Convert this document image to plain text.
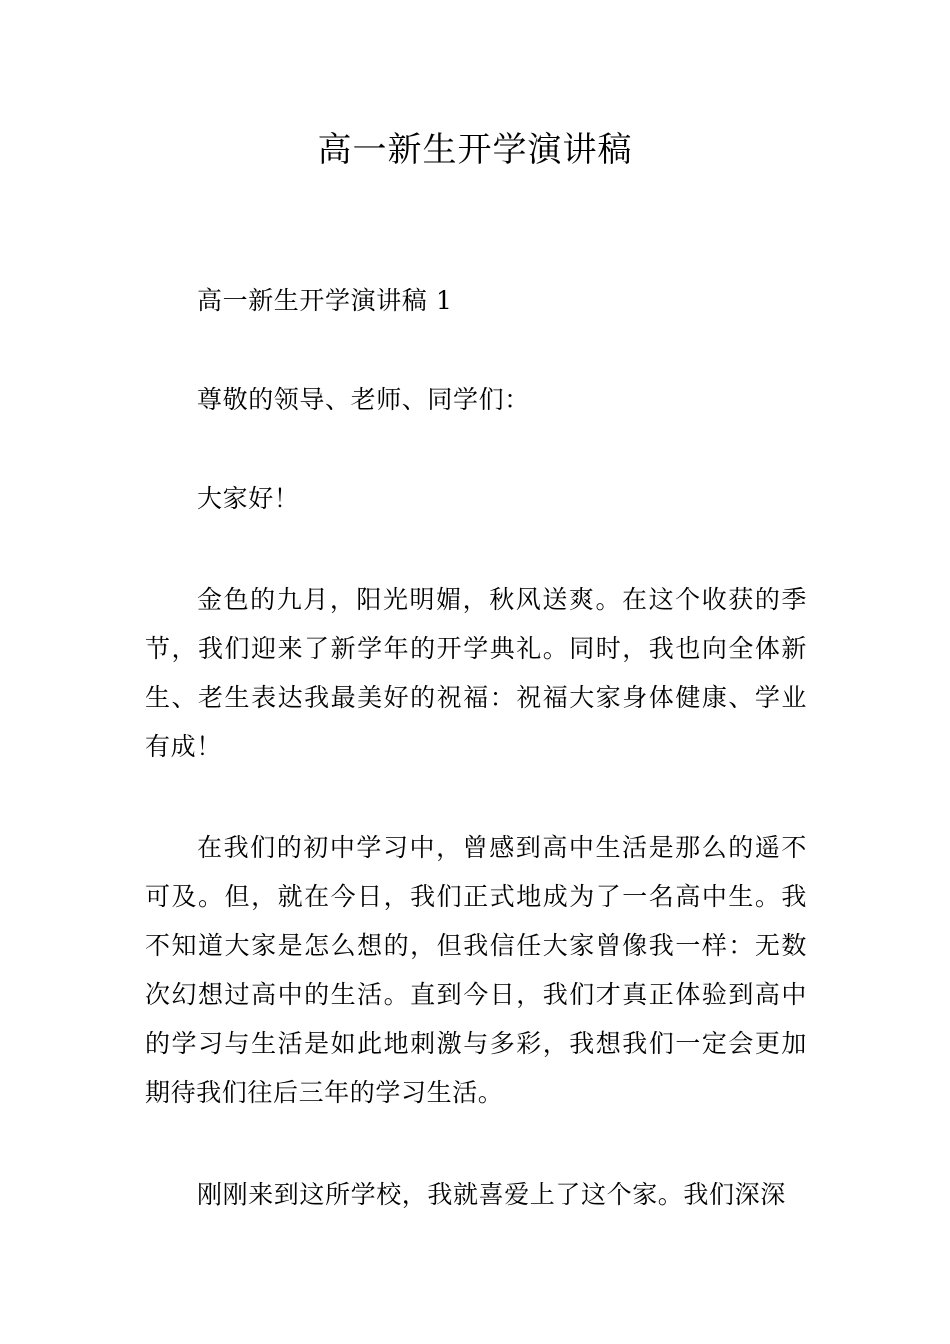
高一新生开学演讲稿

高一新生开学演讲稿 1

尊敬的领导、老师、同学们：

大家好！

金色的九月，阳光明媚，秋风送爽。在这个收获的季节，我们迎来了新学年的开学典礼。同时，我也向全体新生、老生表达我最美好的祝福：祝福大家身体健康、学业有成！

在我们的初中学习中，曾感到高中生活是那么的遥不可及。但，就在今日，我们正式地成为了一名高中生。我不知道大家是怎么想的，但我信任大家曾像我一样：无数次幻想过高中的生活。直到今日，我们才真正体验到高中的学习与生活是如此地刺激与多彩，我想我们一定会更加期待我们往后三年的学习生活。

刚刚来到这所学校，我就喜爱上了这个家。我们深深
